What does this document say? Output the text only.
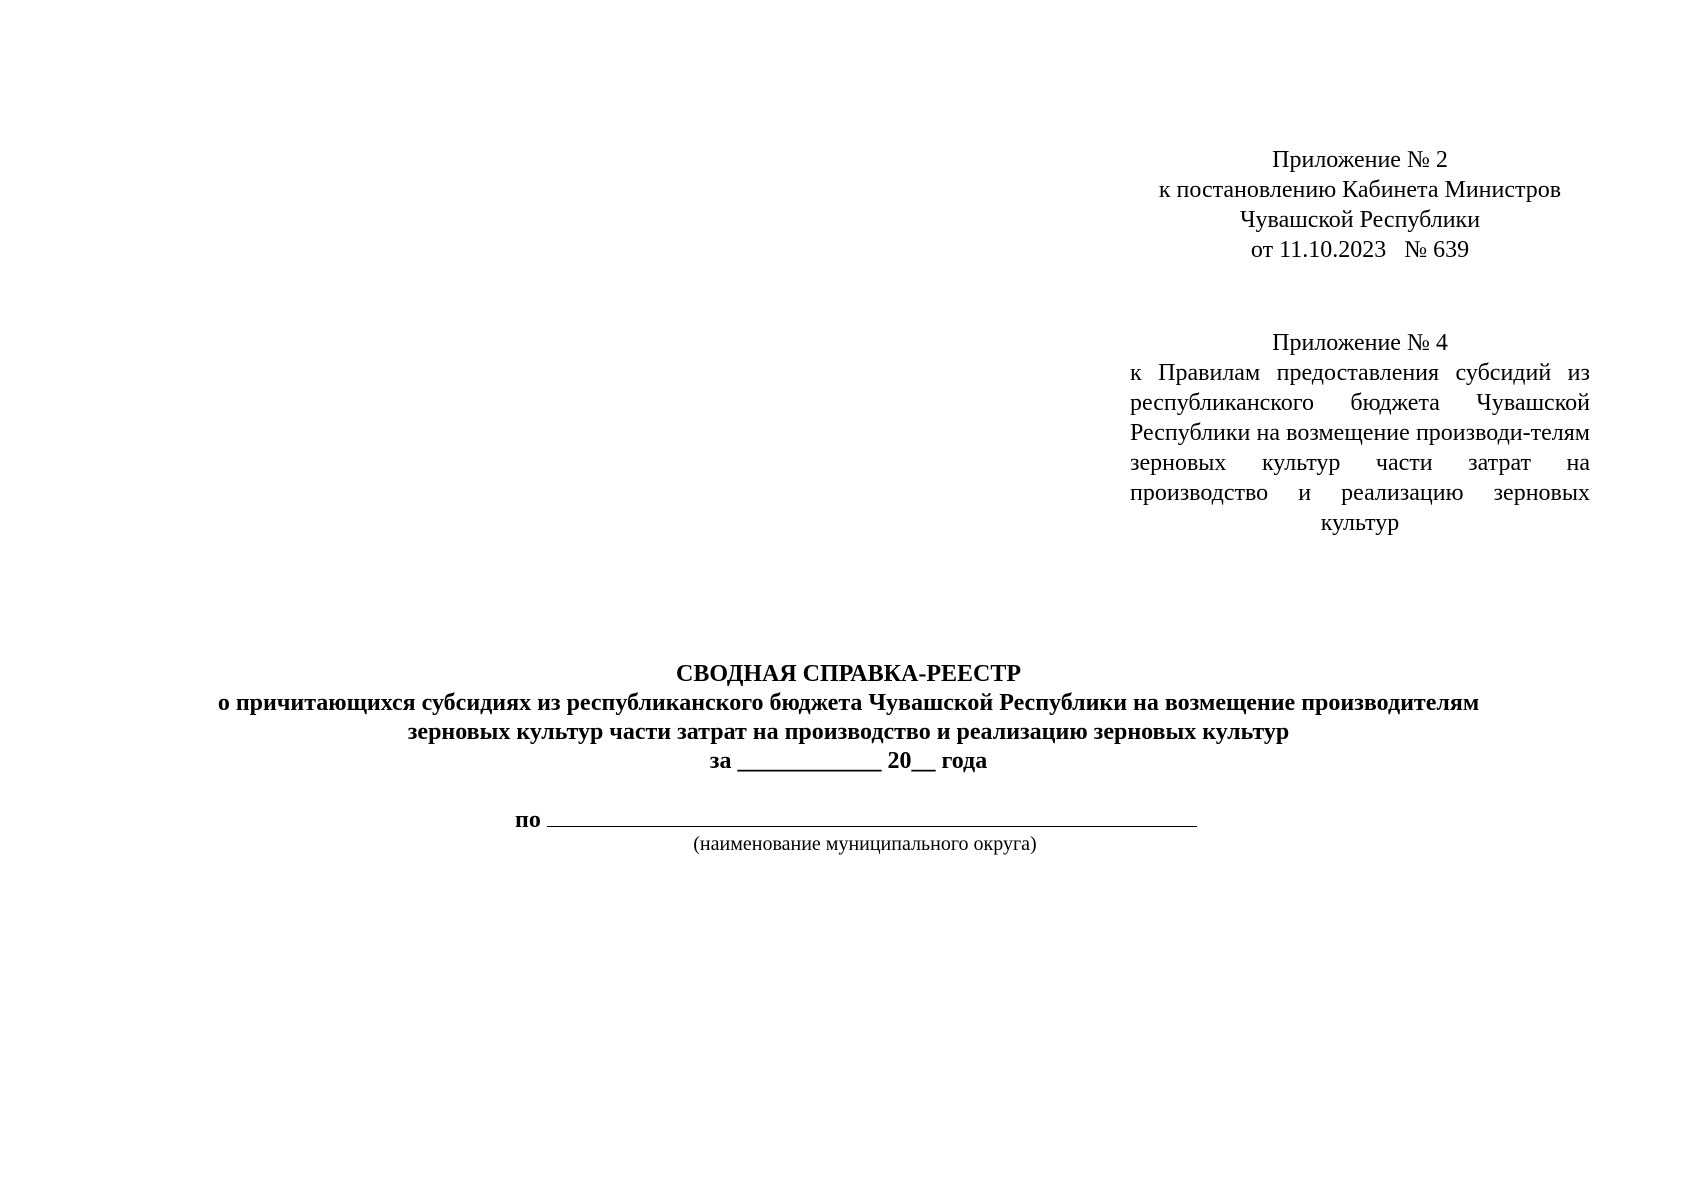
Приложение № 2
к постановлению Кабинета Министров
Чувашской Республики
от 11.10.2023   № 639
Приложение № 4
к Правилам предоставления субсидий из республиканского бюджета Чувашской Республики на возмещение производи-телям зерновых культур части затрат на производство и реализацию зерновых культур
СВОДНАЯ СПРАВКА-РЕЕСТР
о причитающихся субсидиях из республиканского бюджета Чувашской Республики на возмещение производителям
зерновых культур части затрат на производство и реализацию зерновых культур
за ____________ 20__ года
по
(наименование муниципального округа)
